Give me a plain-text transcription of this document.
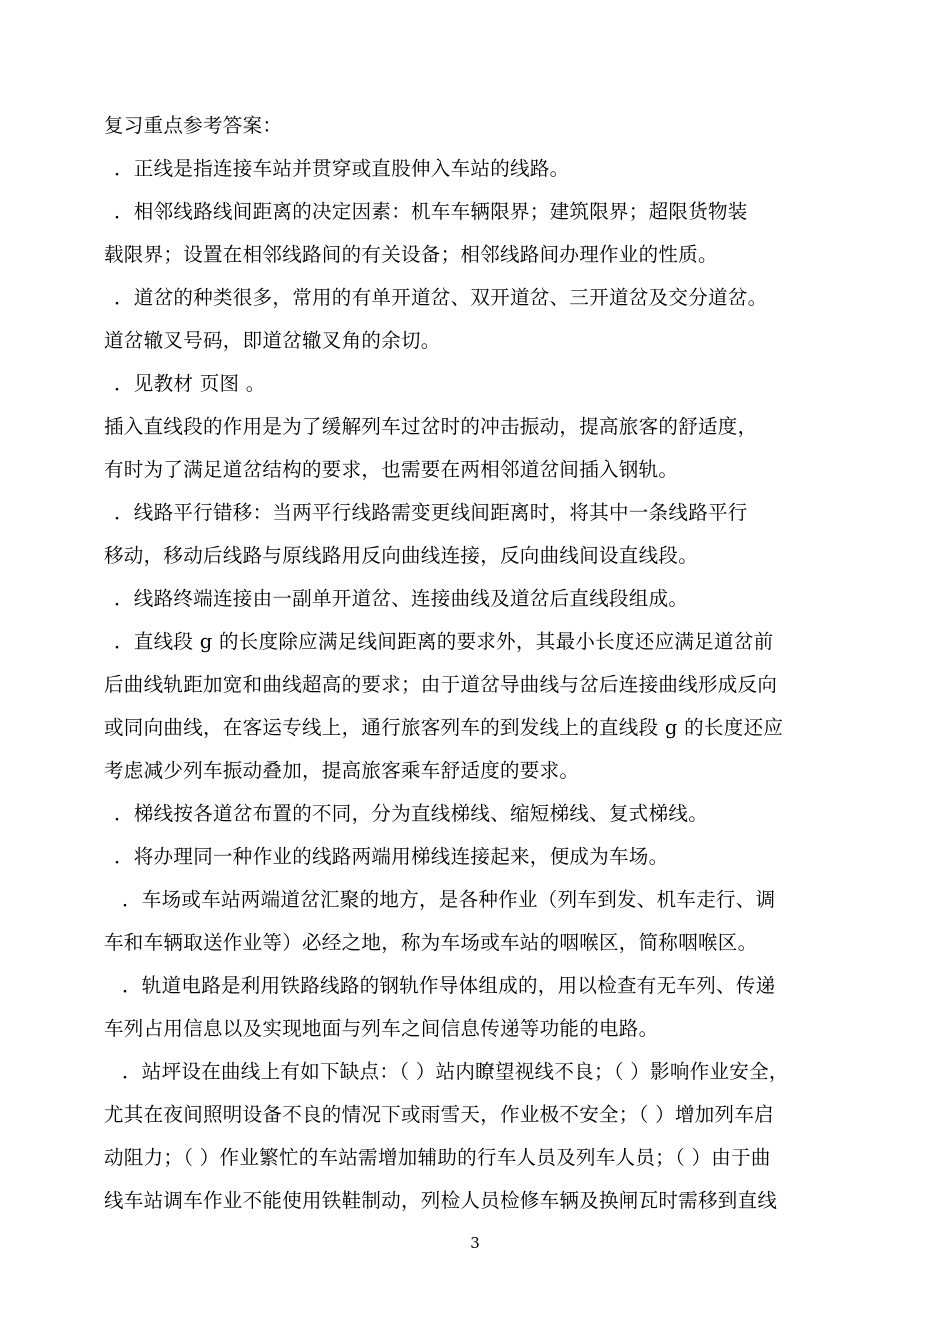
复习重点参考答案：
．正线是指连接车站并贯穿或直股伸入车站的线路。
．相邻线路线间距离的决定因素：机车车辆限界；建筑限界；超限货物装
载限界；设置在相邻线路间的有关设备；相邻线路间办理作业的性质。
．道岔的种类很多，常用的有单开道岔、双开道岔、三开道岔及交分道岔。
道岔辙叉号码，即道岔辙叉角的余切。
．见教材 页图 。
插入直线段的作用是为了缓解列车过岔时的冲击振动，提高旅客的舒适度，
有时为了满足道岔结构的要求，也需要在两相邻道岔间插入钢轨。
．线路平行错移：当两平行线路需变更线间距离时，将其中一条线路平行
移动，移动后线路与原线路用反向曲线连接，反向曲线间设直线段。
．线路终端连接由一副单开道岔、连接曲线及道岔后直线段组成。
．直线段 g 的长度除应满足线间距离的要求外，其最小长度还应满足道岔前
后曲线轨距加宽和曲线超高的要求；由于道岔导曲线与岔后连接曲线形成反向
或同向曲线，在客运专线上，通行旅客列车的到发线上的直线段 g 的长度还应
考虑减少列车振动叠加，提高旅客乘车舒适度的要求。
．梯线按各道岔布置的不同，分为直线梯线、缩短梯线、复式梯线。
．将办理同一种作业的线路两端用梯线连接起来，便成为车场。
．车场或车站两端道岔汇聚的地方，是各种作业（列车到发、机车走行、调
车和车辆取送作业等）必经之地，称为车场或车站的咽喉区，简称咽喉区。
．轨道电路是利用铁路线路的钢轨作导体组成的，用以检查有无车列、传递
车列占用信息以及实现地面与列车之间信息传递等功能的电路。
．站坪设在曲线上有如下缺点：（ ）站内瞭望视线不良；（ ）影响作业安全，
尤其在夜间照明设备不良的情况下或雨雪天，作业极不安全；（ ）增加列车启
动阻力；（ ）作业繁忙的车站需增加辅助的行车人员及列车人员；（ ）由于曲
线车站调车作业不能使用铁鞋制动，列检人员检修车辆及换闸瓦时需移到直线
3
